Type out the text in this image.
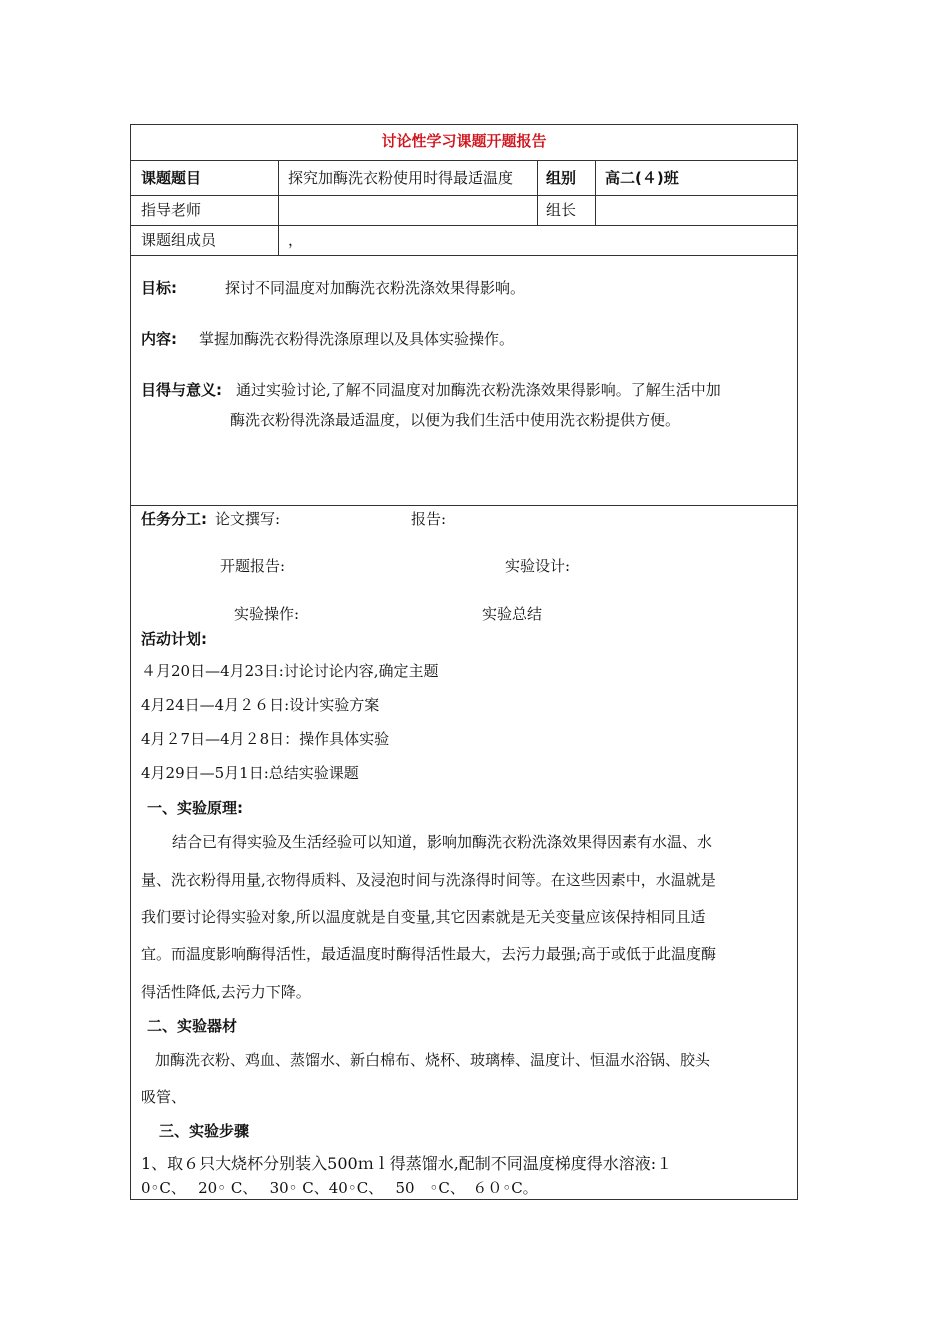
讨论性学习课题开题报告
课题题目	探究加酶洗衣粉使用时得最适温度 组别 高二(４)班
指导老师	组长
课题组成员	，
目标:	探讨不同温度对加酶洗衣粉洗涤效果得影响。
内容: 掌握加酶洗衣粉得洗涤原理以及具体实验操作。
目得与意义: 通过实验讨论,了解不同温度对加酶洗衣粉洗涤效果得影响。了解生活中加
酶洗衣粉得洗涤最适温度，以便为我们生活中使用洗衣粉提供方便。
任务分工: 论文撰写:	报告:
开题报告:	实验设计:
实验操作:	实验总结
活动计划:
４月20日—4月23日:讨论讨论内容,确定主题
4月24日—4月２６日:设计实验方案
4月２7日—4月２8日：操作具体实验
4月29日—5月1日:总结实验课题
一、实验原理:
结合已有得实验及生活经验可以知道，影响加酶洗衣粉洗涤效果得因素有水温、水
量、洗衣粉得用量,衣物得质料、及浸泡时间与洗涤得时间等。在这些因素中，水温就是
我们要讨论得实验对象,所以温度就是自变量,其它因素就是无关变量应该保持相同且适
宜。而温度影响酶得活性，最适温度时酶得活性最大，去污力最强;高于或低于此温度酶
得活性降低,去污力下降。
二、实验器材
加酶洗衣粉、鸡血、蒸馏水、新白棉布、烧杯、玻璃棒、温度计、恒温水浴锅、胶头
吸管、
三、实验步骤
1、取６只大烧杯分别装入500ｍｌ得蒸馏水,配制不同温度梯度得水溶液:１
0◦C、　 20◦ C、　 30◦ C、40◦C、　 50　◦C、　６０◦C。
